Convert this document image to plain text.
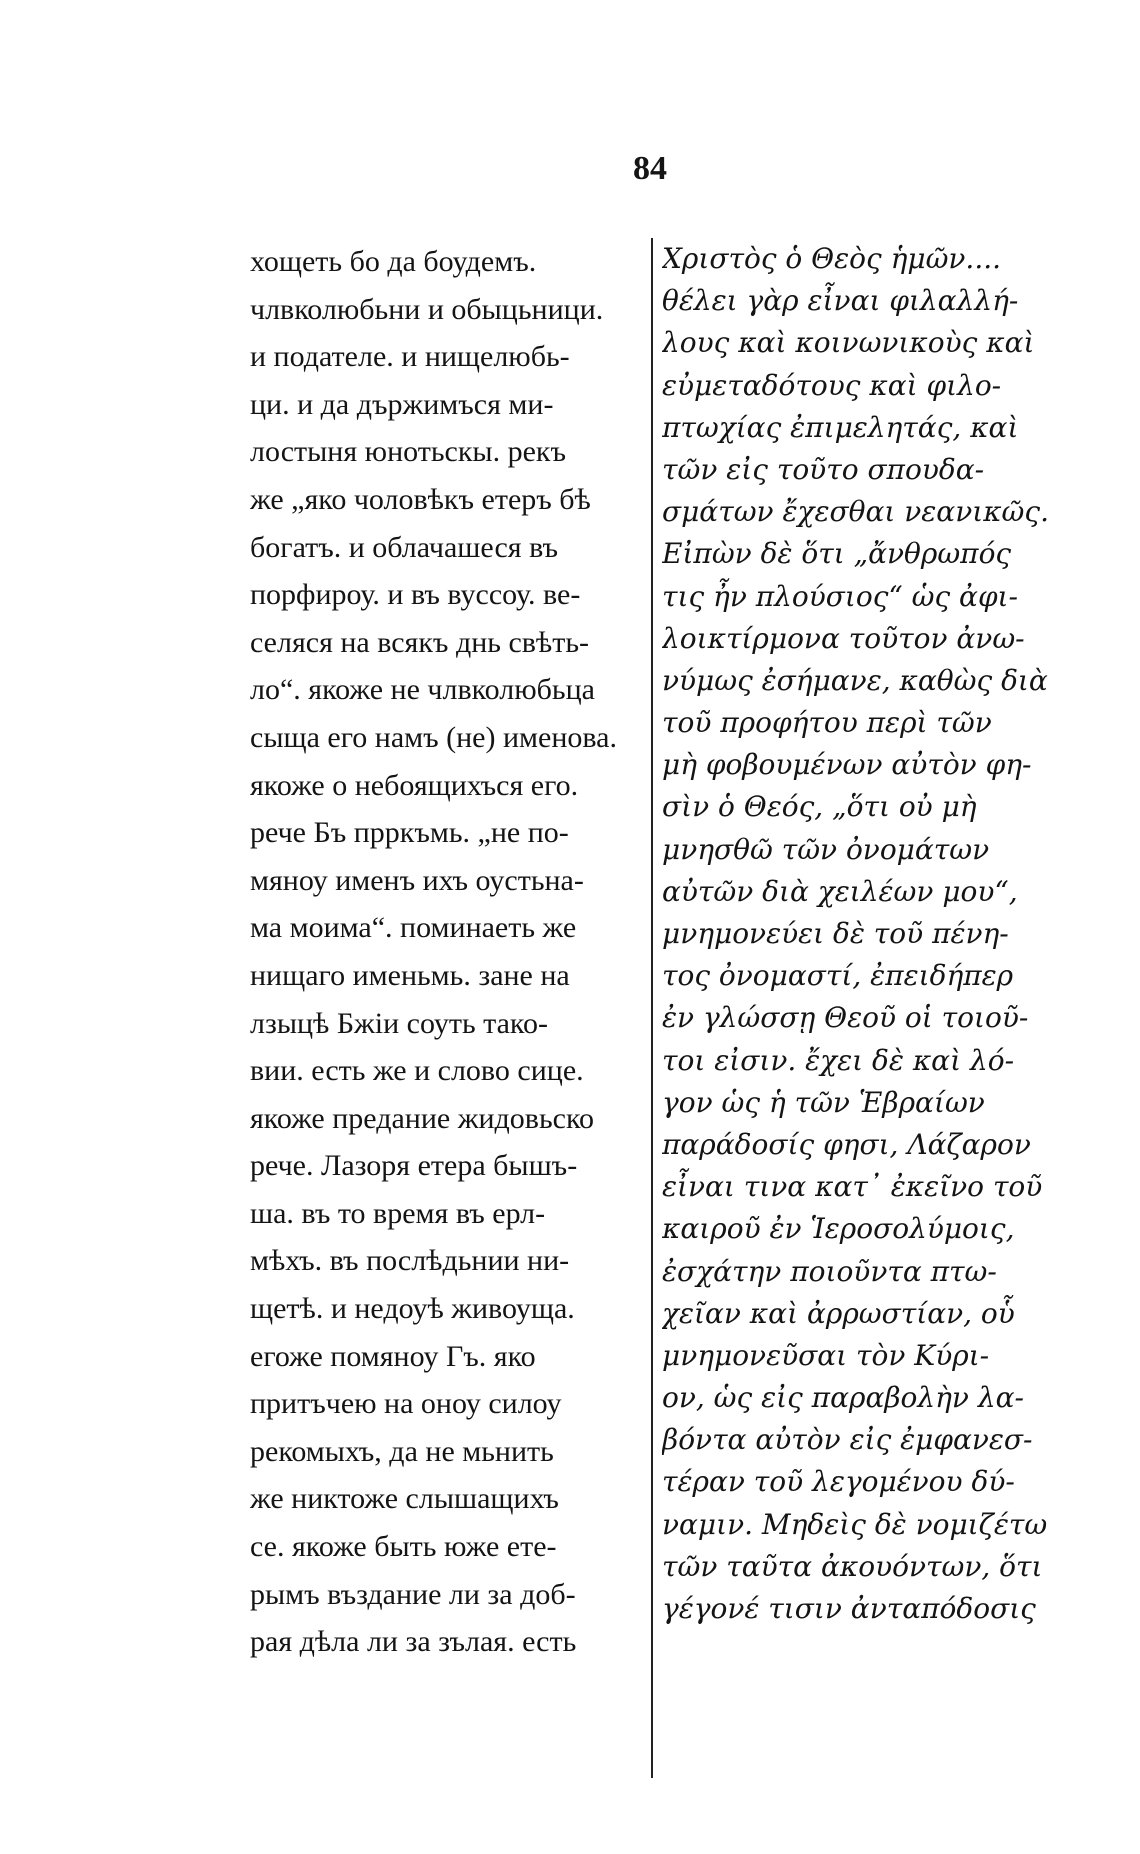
84
хощеть бо да боудемъ.
члвколюбьни и обыцьници.
и подателе. и нищелюбь-
ци. и да държимъся ми-
лостыня юнотьскы. рекъ
же „яко чоловѣкъ етеръ бѣ
богатъ. и облачашеся въ
порфироу. и въ вуссоу. ве-
селяся на всякъ днь свѣть-
ло“. якоже не члвколюбьца
сыща его намъ (не) именова.
якоже о небоящихъся его.
рече Бъ прркъмь. „не по-
мяноу именъ ихъ оустьна-
ма моима“. поминаеть же
нищаго именьмь. зане на
лзыцѣ Бжiи соуть тако-
вии. есть же и слово сице.
якоже предание жидовьско
рече. Лазоря етера бышъ-
ша. въ то время въ ерл-
мѣхъ. въ послѣдьнии ни-
щетѣ. и недоуѣ живоуща.
егоже помяноу Гъ. яко
притъчею на оноу силоу
рекомыхъ, да не мьнить
же никтоже слышащихъ
се. якоже быть юже ете-
рымъ въздание ли за доб-
рая дѣла ли за зълая. есть
Χριστὸς ὁ Θεὸς ἡμῶν....
θέλει γὰρ εἶναι φιλαλλή-
λους καὶ κοινωνικοὺς καὶ
εὐμεταδότους καὶ φιλο-
πτωχίας ἐπιμελητάς, καὶ
τῶν εἰς τοῦτο σπουδα-
σμάτων ἔχεσθαι νεανικῶς.
Εἰπὼν δὲ ὅτι „ἄνθρωπός
τις ἦν πλούσιος“ ὡς ἀφι-
λοικτίρμονα τοῦτον ἀνω-
νύμως ἐσήμανε, καθὼς διὰ
τοῦ προφήτου περὶ τῶν
μὴ φοβουμένων αὐτὸν φη-
σὶν ὁ Θεός, „ὅτι οὐ μὴ
μνησθῶ τῶν ὀνομάτων
αὐτῶν διὰ χειλέων μου“,
μνημονεύει δὲ τοῦ πένη-
τος ὀνομαστί, ἐπειδήπερ
ἐν γλώσσῃ Θεοῦ οἱ τοιοῦ-
τοι εἰσιν. ἔχει δὲ καὶ λό-
γον ὡς ἡ τῶν Ἑβραίων
παράδοσίς φησι, Λάζαρον
εἶναι τινα κατ᾽ ἐκεῖνο τοῦ
καιροῦ ἐν Ἱεροσολύμοις,
ἐσχάτην ποιοῦντα πτω-
χεῖαν καὶ ἀρρωστίαν, οὗ
μνημονεῦσαι τὸν Κύρι-
ον, ὡς εἰς παραβολὴν λα-
βόντα αὐτὸν εἰς ἐμφανεσ-
τέραν τοῦ λεγομένου δύ-
ναμιν. Μηδεὶς δὲ νομιζέτω
τῶν ταῦτα ἀκουόντων, ὅτι
γέγονέ τισιν ἀνταπόδοσις
